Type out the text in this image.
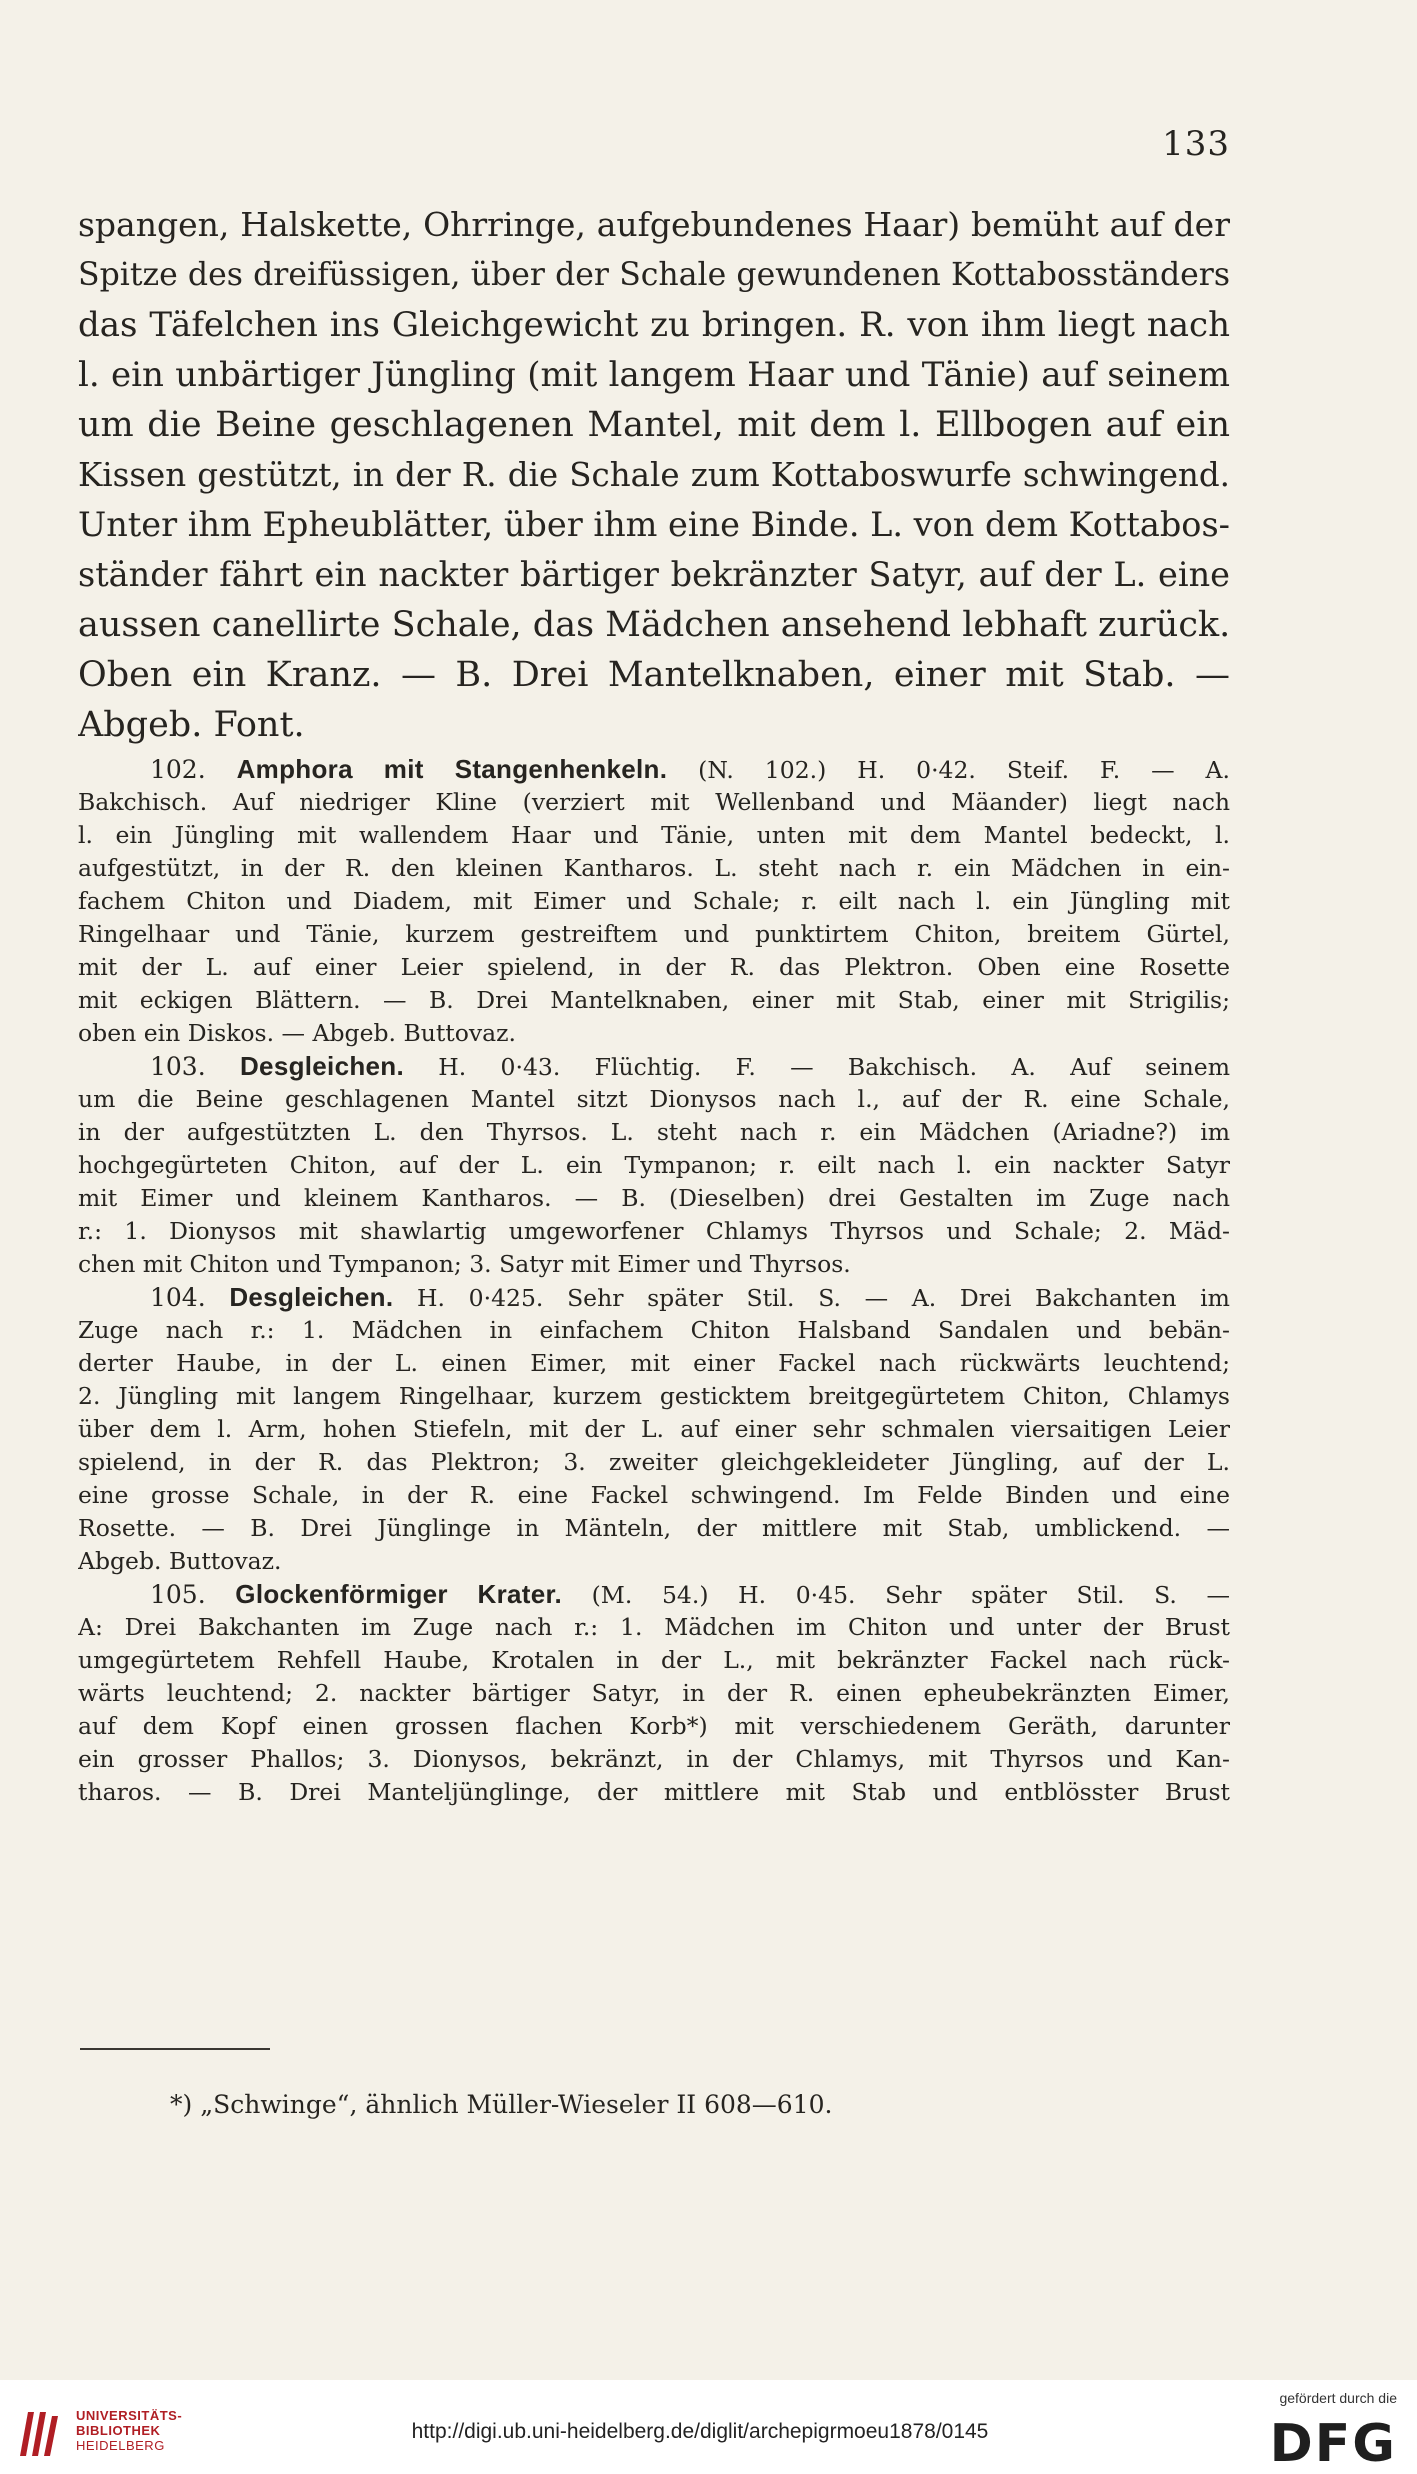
133
spangen, Halskette, Ohrringe, aufgebundenes Haar) bemüht auf der
Spitze des dreifüssigen, über der Schale gewundenen Kottabosständers
das Täfelchen ins Gleichgewicht zu bringen. R. von ihm liegt nach
l. ein unbärtiger Jüngling (mit langem Haar und Tänie) auf seinem
um die Beine geschlagenen Mantel, mit dem l. Ellbogen auf ein
Kissen gestützt, in der R. die Schale zum Kottaboswurfe schwingend.
Unter ihm Epheublätter, über ihm eine Binde. L. von dem Kottabos-
ständer fährt ein nackter bärtiger bekränzter Satyr, auf der L. eine
aussen canellirte Schale, das Mädchen ansehend lebhaft zurück.
Oben ein Kranz. — B. Drei Mantelknaben, einer mit Stab. —
Abgeb. Font.
102. Amphora mit Stangenhenkeln. (N. 102.) H. 0·42. Steif. F. — A.
Bakchisch. Auf niedriger Kline (verziert mit Wellenband und Mäander) liegt nach
l. ein Jüngling mit wallendem Haar und Tänie, unten mit dem Mantel bedeckt, l.
aufgestützt, in der R. den kleinen Kantharos. L. steht nach r. ein Mädchen in ein-
fachem Chiton und Diadem, mit Eimer und Schale; r. eilt nach l. ein Jüngling mit
Ringelhaar und Tänie, kurzem gestreiftem und punktirtem Chiton, breitem Gürtel,
mit der L. auf einer Leier spielend, in der R. das Plektron. Oben eine Rosette
mit eckigen Blättern. — B. Drei Mantelknaben, einer mit Stab, einer mit Strigilis;
oben ein Diskos. — Abgeb. Buttovaz.
103. Desgleichen. H. 0·43. Flüchtig. F. — Bakchisch. A. Auf seinem
um die Beine geschlagenen Mantel sitzt Dionysos nach l., auf der R. eine Schale,
in der aufgestützten L. den Thyrsos. L. steht nach r. ein Mädchen (Ariadne?) im
hochgegürteten Chiton, auf der L. ein Tympanon; r. eilt nach l. ein nackter Satyr
mit Eimer und kleinem Kantharos. — B. (Dieselben) drei Gestalten im Zuge nach
r.: 1. Dionysos mit shawlartig umgeworfener Chlamys Thyrsos und Schale; 2. Mäd-
chen mit Chiton und Tympanon; 3. Satyr mit Eimer und Thyrsos.
104. Desgleichen. H. 0·425. Sehr später Stil. S. — A. Drei Bakchanten im
Zuge nach r.: 1. Mädchen in einfachem Chiton Halsband Sandalen und bebän-
derter Haube, in der L. einen Eimer, mit einer Fackel nach rückwärts leuchtend;
2. Jüngling mit langem Ringelhaar, kurzem gesticktem breitgegürtetem Chiton, Chlamys
über dem l. Arm, hohen Stiefeln, mit der L. auf einer sehr schmalen viersaitigen Leier
spielend, in der R. das Plektron; 3. zweiter gleichgekleideter Jüngling, auf der L.
eine grosse Schale, in der R. eine Fackel schwingend. Im Felde Binden und eine
Rosette. — B. Drei Jünglinge in Mänteln, der mittlere mit Stab, umblickend. —
Abgeb. Buttovaz.
105. Glockenförmiger Krater. (M. 54.) H. 0·45. Sehr später Stil. S. —
A: Drei Bakchanten im Zuge nach r.: 1. Mädchen im Chiton und unter der Brust
umgegürtetem Rehfell Haube, Krotalen in der L., mit bekränzter Fackel nach rück-
wärts leuchtend; 2. nackter bärtiger Satyr, in der R. einen epheubekränzten Eimer,
auf dem Kopf einen grossen flachen Korb*) mit verschiedenem Geräth, darunter
ein grosser Phallos; 3. Dionysos, bekränzt, in der Chlamys, mit Thyrsos und Kan-
tharos. — B. Drei Manteljünglinge, der mittlere mit Stab und entblösster Brust
*) „Schwinge“, ähnlich Müller-Wieseler II 608—610.
UNIVERSITÄTS-
BIBLIOTHEK
HEIDELBERG
http://digi.ub.uni-heidelberg.de/diglit/archepigrmoeu1878/0145
gefördert durch die
DFG
